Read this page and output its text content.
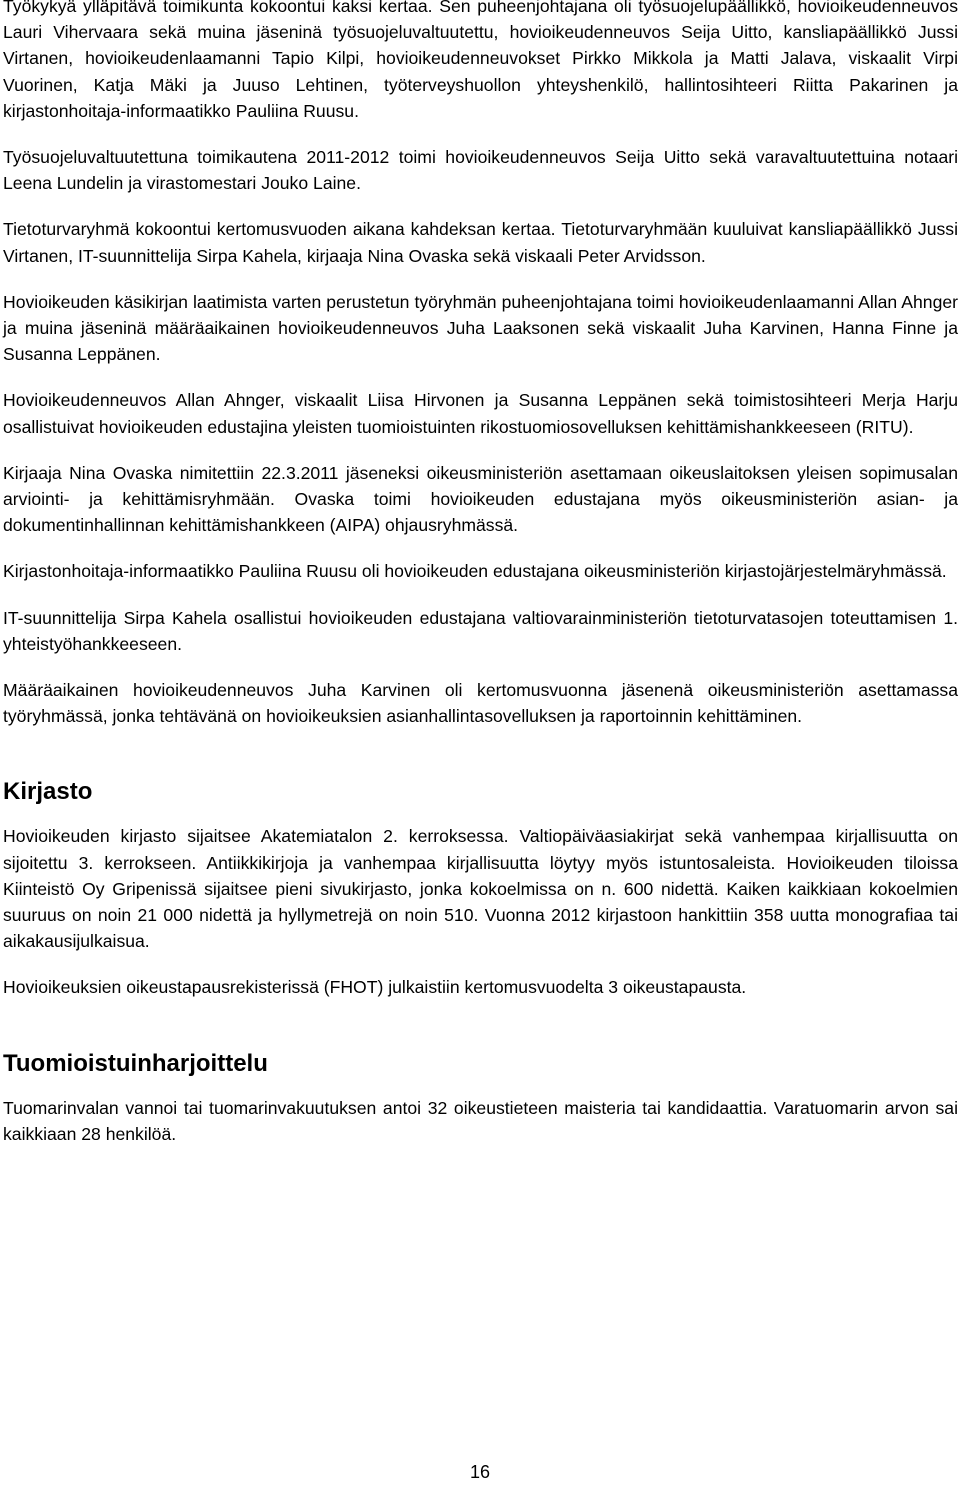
Työkykyä ylläpitävä toimikunta kokoontui kaksi kertaa. Sen puheenjohtajana oli työsuojelupäällikkö, hovioikeudenneuvos Lauri Vihervaara sekä muina jäseninä työsuojeluvaltuutettu, hovioikeudenneuvos Seija Uitto, kansliapäällikkö Jussi Virtanen, hovioikeudenlaamanni Tapio Kilpi, hovioikeudenneuvokset Pirkko Mikkola ja Matti Jalava, viskaalit Virpi Vuorinen, Katja Mäki ja Juuso Lehtinen, työterveyshuollon yhteyshenkilö, hallintosihteeri Riitta Pakarinen ja kirjastonhoitaja-informaatikko Pauliina Ruusu.

Työsuojeluvaltuutettuna toimikautena 2011-2012 toimi hovioikeudenneuvos Seija Uitto sekä varavaltuutettuina notaari Leena Lundelin ja virastomestari Jouko Laine.

Tietoturvaryhmä kokoontui kertomusvuoden aikana kahdeksan kertaa. Tietoturvaryhmään kuuluivat kansliapäällikkö Jussi Virtanen, IT-suunnittelija Sirpa Kahela, kirjaaja Nina Ovaska sekä viskaali Peter Arvidsson.

Hovioikeuden käsikirjan laatimista varten perustetun työryhmän puheenjohtajana toimi hovioikeudenlaamanni Allan Ahnger ja muina jäseninä määräaikainen hovioikeudenneuvos Juha Laaksonen sekä viskaalit Juha Karvinen, Hanna Finne ja Susanna Leppänen.

Hovioikeudenneuvos Allan Ahnger, viskaalit Liisa Hirvonen ja Susanna Leppänen sekä toimistosihteeri Merja Harju osallistuivat hovioikeuden edustajina yleisten tuomioistuinten rikostuomiosovelluksen kehittämishankkeeseen (RITU).

Kirjaaja Nina Ovaska nimitettiin 22.3.2011 jäseneksi oikeusministeriön asettamaan oikeuslaitoksen yleisen sopimusalan arviointi- ja kehittämisryhmään. Ovaska toimi hovioikeuden edustajana myös oikeusministeriön asian- ja dokumentinhallinnan kehittämishankkeen (AIPA) ohjausryhmässä.

Kirjastonhoitaja-informaatikko Pauliina Ruusu oli hovioikeuden edustajana oikeusministeriön kirjastojärjestelmäryhmässä.

IT-suunnittelija Sirpa Kahela osallistui hovioikeuden edustajana valtiovarainministeriön tietoturvatasojen toteuttamisen 1. yhteistyöhankkeeseen.

Määräaikainen hovioikeudenneuvos Juha Karvinen oli kertomusvuonna jäsenenä oikeusministeriön asettamassa työryhmässä, jonka tehtävänä on hovioikeuksien asianhallintasovelluksen ja raportoinnin kehittäminen.

Kirjasto

Hovioikeuden kirjasto sijaitsee Akatemiatalon 2. kerroksessa. Valtiopäiväasiakirjat sekä vanhempaa kirjallisuutta on sijoitettu 3. kerrokseen. Antiikkikirjoja ja vanhempaa kirjallisuutta löytyy myös istuntosaleista. Hovioikeuden tiloissa Kiinteistö Oy Gripenissä sijaitsee pieni sivukirjasto, jonka kokoelmissa on n. 600 nidettä. Kaiken kaikkiaan kokoelmien suuruus on noin 21 000 nidettä ja hyllymetrejä on noin 510. Vuonna 2012 kirjastoon hankittiin 358 uutta monografiaa tai aikakausijulkaisua.

Hovioikeuksien oikeustapausrekisterissä (FHOT) julkaistiin kertomusvuodelta 3 oikeustapausta.

Tuomioistuinharjoittelu

Tuomarinvalan vannoi tai tuomarinvakuutuksen antoi 32 oikeustieteen maisteria tai kandidaattia. Varatuomarin arvon sai kaikkiaan 28 henkilöä.

16
